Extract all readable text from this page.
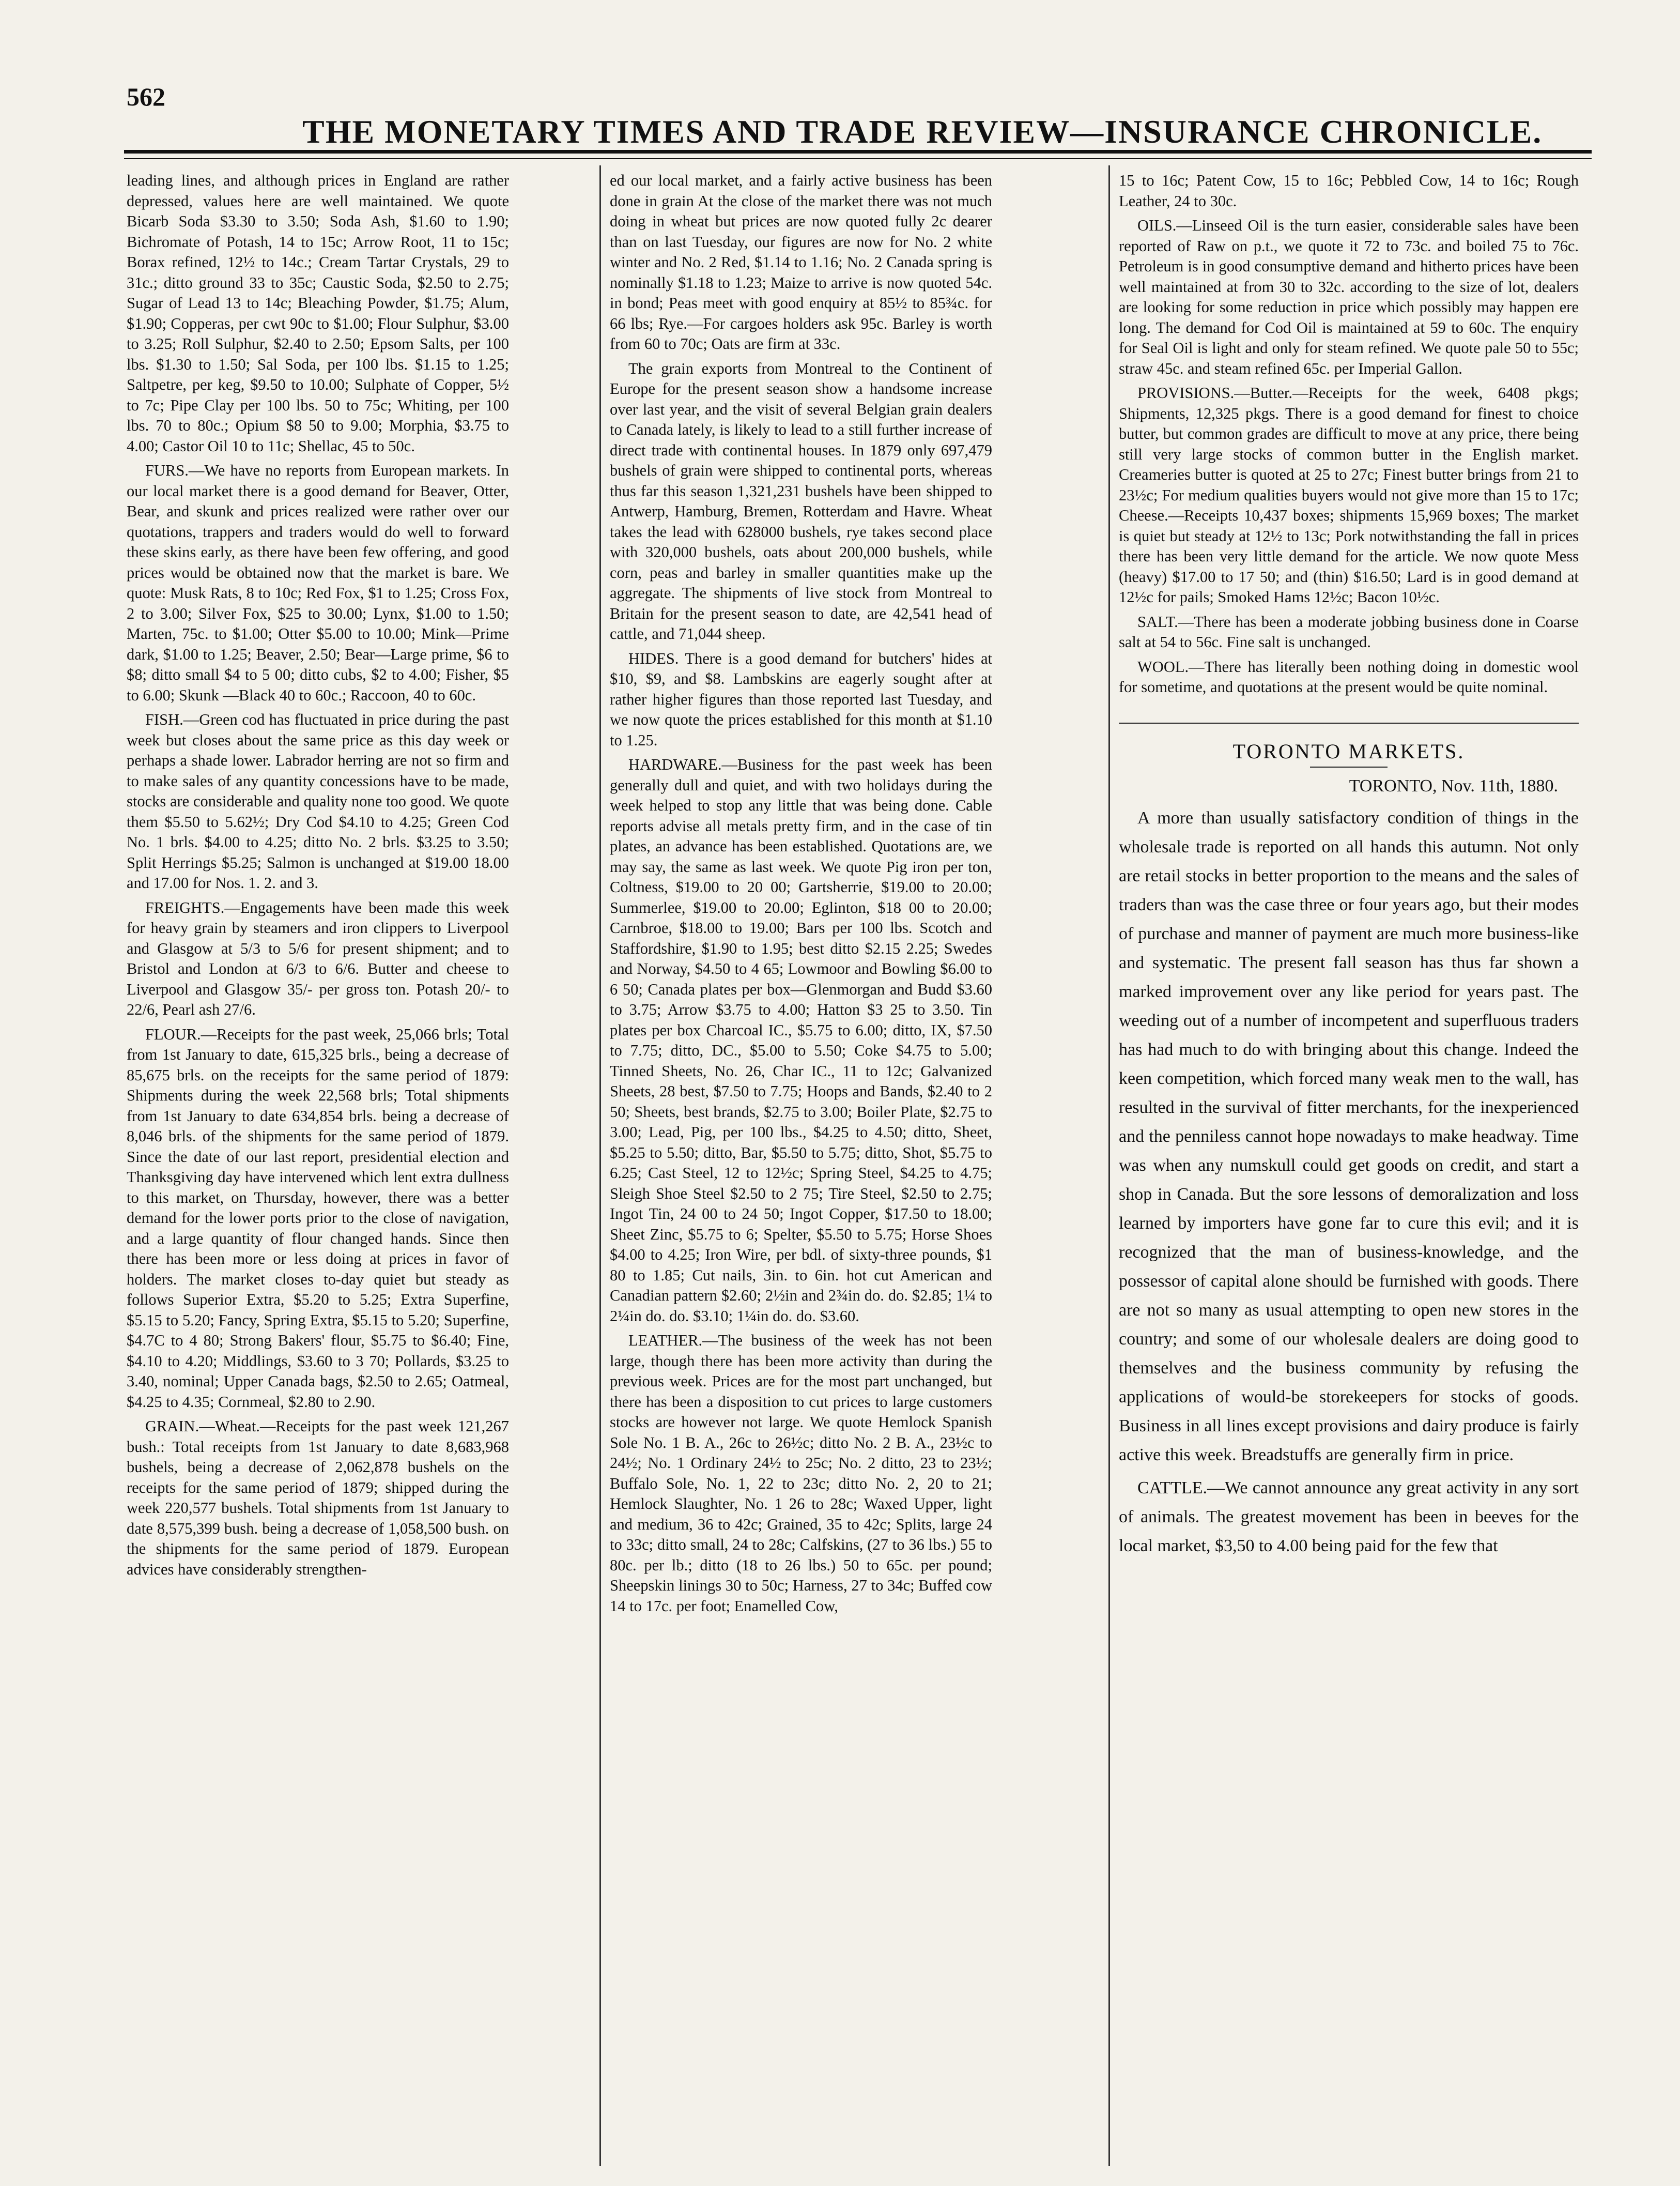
562
THE MONETARY TIMES AND TRADE REVIEW—INSURANCE CHRONICLE.

leading lines, and although prices in England are rather depressed, values here are well maintained. We quote Bicarb Soda $3.30 to 3.50; Soda Ash, $1.60 to 1.90; Bichromate of Potash, 14 to 15c; Arrow Root, 11 to 15c; Borax refined, 12½ to 14c.; Cream Tartar Crystals, 29 to 31c.; ditto ground 33 to 35c; Caustic Soda, $2.50 to 2.75; Sugar of Lead 13 to 14c; Bleaching Powder, $1.75; Alum, $1.90; Copperas, per cwt 90c to $1.00; Flour Sulphur, $3.00 to 3.25; Roll Sulphur, $2.40 to 2.50; Epsom Salts, per 100 lbs. $1.30 to 1.50; Sal Soda, per 100 lbs. $1.15 to 1.25; Saltpetre, per keg, $9.50 to 10.00; Sulphate of Copper, 5½ to 7c; Pipe Clay per 100 lbs. 50 to 75c; Whiting, per 100 lbs. 70 to 80c.; Opium $8 50 to 9.00; Morphia, $3.75 to 4.00; Castor Oil 10 to 11c; Shellac, 45 to 50c.

FURS.—We have no reports from European markets. In our local market there is a good demand for Beaver, Otter, Bear, and skunk and prices realized were rather over our quotations, trappers and traders would do well to forward these skins early, as there have been few offering, and good prices would be obtained now that the market is bare. We quote: Musk Rats, 8 to 10c; Red Fox, $1 to 1.25; Cross Fox, 2 to 3.00; Silver Fox, $25 to 30.00; Lynx, $1.00 to 1.50; Marten, 75c. to $1.00; Otter $5.00 to 10.00; Mink—Prime dark, $1.00 to 1.25; Beaver, 2.50; Bear—Large prime, $6 to $8; ditto small $4 to 5 00; ditto cubs, $2 to 4.00; Fisher, $5 to 6.00; Skunk —Black 40 to 60c.; Raccoon, 40 to 60c.

FISH.—Green cod has fluctuated in price during the past week but closes about the same price as this day week or perhaps a shade lower. Labrador herring are not so firm and to make sales of any quantity concessions have to be made, stocks are considerable and quality none too good. We quote them $5.50 to 5.62½; Dry Cod $4.10 to 4.25; Green Cod No. 1 brls. $4.00 to 4.25; ditto No. 2 brls. $3.25 to 3.50; Split Herrings $5.25; Salmon is unchanged at $19.00 18.00 and 17.00 for Nos. 1. 2. and 3.

FREIGHTS.—Engagements have been made this week for heavy grain by steamers and iron clippers to Liverpool and Glasgow at 5/3 to 5/6 for present shipment; and to Bristol and London at 6/3 to 6/6. Butter and cheese to Liverpool and Glasgow 35/- per gross ton. Potash 20/- to 22/6, Pearl ash 27/6.

FLOUR.—Receipts for the past week, 25,066 brls; Total from 1st January to date, 615,325 brls., being a decrease of 85,675 brls. on the receipts for the same period of 1879: Shipments during the week 22,568 brls; Total shipments from 1st January to date 634,854 brls. being a decrease of 8,046 brls. of the shipments for the same period of 1879. Since the date of our last report, presidential election and Thanksgiving day have intervened which lent extra dullness to this market, on Thursday, however, there was a better demand for the lower ports prior to the close of navigation, and a large quantity of flour changed hands. Since then there has been more or less doing at prices in favor of holders. The market closes to-day quiet but steady as follows Superior Extra, $5.20 to 5.25; Extra Superfine, $5.15 to 5.20; Fancy, Spring Extra, $5.15 to 5.20; Superfine, $4.7C to 4 80; Strong Bakers' flour, $5.75 to $6.40; Fine, $4.10 to 4.20; Middlings, $3.60 to 3 70; Pollards, $3.25 to 3.40, nominal; Upper Canada bags, $2.50 to 2.65; Oatmeal, $4.25 to 4.35; Cornmeal, $2.80 to 2.90.

GRAIN.—Wheat.—Receipts for the past week 121,267 bush.: Total receipts from 1st January to date 8,683,968 bushels, being a decrease of 2,062,878 bushels on the receipts for the same period of 1879; shipped during the week 220,577 bushels. Total shipments from 1st January to date 8,575,399 bush. being a decrease of 1,058,500 bush. on the shipments for the same period of 1879. European advices have considerably strengthen-

ed our local market, and a fairly active business has been done in grain At the close of the market there was not much doing in wheat but prices are now quoted fully 2c dearer than on last Tuesday, our figures are now for No. 2 white winter and No. 2 Red, $1.14 to 1.16; No. 2 Canada spring is nominally $1.18 to 1.23; Maize to arrive is now quoted 54c. in bond; Peas meet with good enquiry at 85½ to 85¾c. for 66 lbs; Rye.—For cargoes holders ask 95c. Barley is worth from 60 to 70c; Oats are firm at 33c.

The grain exports from Montreal to the Continent of Europe for the present season show a handsome increase over last year, and the visit of several Belgian grain dealers to Canada lately, is likely to lead to a still further increase of direct trade with continental houses. In 1879 only 697,479 bushels of grain were shipped to continental ports, whereas thus far this season 1,321,231 bushels have been shipped to Antwerp, Hamburg, Bremen, Rotterdam and Havre. Wheat takes the lead with 628000 bushels, rye takes second place with 320,000 bushels, oats about 200,000 bushels, while corn, peas and barley in smaller quantities make up the aggregate. The shipments of live stock from Montreal to Britain for the present season to date, are 42,541 head of cattle, and 71,044 sheep.

HIDES. There is a good demand for butchers' hides at $10, $9, and $8. Lambskins are eagerly sought after at rather higher figures than those reported last Tuesday, and we now quote the prices established for this month at $1.10 to 1.25.

HARDWARE.—Business for the past week has been generally dull and quiet, and with two holidays during the week helped to stop any little that was being done. Cable reports advise all metals pretty firm, and in the case of tin plates, an advance has been established. Quotations are, we may say, the same as last week. We quote Pig iron per ton, Coltness, $19.00 to 20 00; Gartsherrie, $19.00 to 20.00; Summerlee, $19.00 to 20.00; Eglinton, $18 00 to 20.00; Carnbroe, $18.00 to 19.00; Bars per 100 lbs. Scotch and Staffordshire, $1.90 to 1.95; best ditto $2.15 2.25; Swedes and Norway, $4.50 to 4 65; Lowmoor and Bowling $6.00 to 6 50; Canada plates per box—Glenmorgan and Budd $3.60 to 3.75; Arrow $3.75 to 4.00; Hatton $3 25 to 3.50. Tin plates per box Charcoal IC., $5.75 to 6.00; ditto, IX, $7.50 to 7.75; ditto, DC., $5.00 to 5.50; Coke $4.75 to 5.00; Tinned Sheets, No. 26, Char IC., 11 to 12c; Galvanized Sheets, 28 best, $7.50 to 7.75; Hoops and Bands, $2.40 to 2 50; Sheets, best brands, $2.75 to 3.00; Boiler Plate, $2.75 to 3.00; Lead, Pig, per 100 lbs., $4.25 to 4.50; ditto, Sheet, $5.25 to 5.50; ditto, Bar, $5.50 to 5.75; ditto, Shot, $5.75 to 6.25; Cast Steel, 12 to 12½c; Spring Steel, $4.25 to 4.75; Sleigh Shoe Steel $2.50 to 2 75; Tire Steel, $2.50 to 2.75; Ingot Tin, 24 00 to 24 50; Ingot Copper, $17.50 to 18.00; Sheet Zinc, $5.75 to 6; Spelter, $5.50 to 5.75; Horse Shoes $4.00 to 4.25; Iron Wire, per bdl. of sixty-three pounds, $1 80 to 1.85; Cut nails, 3in. to 6in. hot cut American and Canadian pattern $2.60; 2½in and 2¾in do. do. $2.85; 1¼ to 2¼in do. do. $3.10; 1¼in do. do. $3.60.

LEATHER.—The business of the week has not been large, though there has been more activity than during the previous week. Prices are for the most part unchanged, but there has been a disposition to cut prices to large customers stocks are however not large. We quote Hemlock Spanish Sole No. 1 B. A., 26c to 26½c; ditto No. 2 B. A., 23½c to 24½; No. 1 Ordinary 24½ to 25c; No. 2 ditto, 23 to 23½; Buffalo Sole, No. 1, 22 to 23c; ditto No. 2, 20 to 21; Hemlock Slaughter, No. 1 26 to 28c; Waxed Upper, light and medium, 36 to 42c; Grained, 35 to 42c; Splits, large 24 to 33c; ditto small, 24 to 28c; Calfskins, (27 to 36 lbs.) 55 to 80c. per lb.; ditto (18 to 26 lbs.) 50 to 65c. per pound; Sheepskin linings 30 to 50c; Harness, 27 to 34c; Buffed cow 14 to 17c. per foot; Enamelled Cow,

15 to 16c; Patent Cow, 15 to 16c; Pebbled Cow, 14 to 16c; Rough Leather, 24 to 30c.

OILS.—Linseed Oil is the turn easier, considerable sales have been reported of Raw on p.t., we quote it 72 to 73c. and boiled 75 to 76c. Petroleum is in good consumptive demand and hitherto prices have been well maintained at from 30 to 32c. according to the size of lot, dealers are looking for some reduction in price which possibly may happen ere long. The demand for Cod Oil is maintained at 59 to 60c. The enquiry for Seal Oil is light and only for steam refined. We quote pale 50 to 55c; straw 45c. and steam refined 65c. per Imperial Gallon.

PROVISIONS.—Butter.—Receipts for the week, 6408 pkgs; Shipments, 12,325 pkgs. There is a good demand for finest to choice butter, but common grades are difficult to move at any price, there being still very large stocks of common butter in the English market. Creameries butter is quoted at 25 to 27c; Finest butter brings from 21 to 23½c; For medium qualities buyers would not give more than 15 to 17c; Cheese.—Receipts 10,437 boxes; shipments 15,969 boxes; The market is quiet but steady at 12½ to 13c; Pork notwithstanding the fall in prices there has been very little demand for the article. We now quote Mess (heavy) $17.00 to 17 50; and (thin) $16.50; Lard is in good demand at 12½c for pails; Smoked Hams 12½c; Bacon 10½c.

SALT.—There has been a moderate jobbing business done in Coarse salt at 54 to 56c. Fine salt is unchanged.

WOOL.—There has literally been nothing doing in domestic wool for sometime, and quotations at the present would be quite nominal.

TORONTO MARKETS.
TORONTO, Nov. 11th, 1880.

A more than usually satisfactory condition of things in the wholesale trade is reported on all hands this autumn. Not only are retail stocks in better proportion to the means and the sales of traders than was the case three or four years ago, but their modes of purchase and manner of payment are much more business-like and systematic. The present fall season has thus far shown a marked improvement over any like period for years past. The weeding out of a number of incompetent and superfluous traders has had much to do with bringing about this change. Indeed the keen competition, which forced many weak men to the wall, has resulted in the survival of fitter merchants, for the inexperienced and the penniless cannot hope nowadays to make headway. Time was when any numskull could get goods on credit, and start a shop in Canada. But the sore lessons of demoralization and loss learned by importers have gone far to cure this evil; and it is recognized that the man of business-knowledge, and the possessor of capital alone should be furnished with goods. There are not so many as usual attempting to open new stores in the country; and some of our wholesale dealers are doing good to themselves and the business community by refusing the applications of would-be storekeepers for stocks of goods. Business in all lines except provisions and dairy produce is fairly active this week. Breadstuffs are generally firm in price.

CATTLE.—We cannot announce any great activity in any sort of animals. The greatest movement has been in beeves for the local market, $3,50 to 4.00 being paid for the few that
